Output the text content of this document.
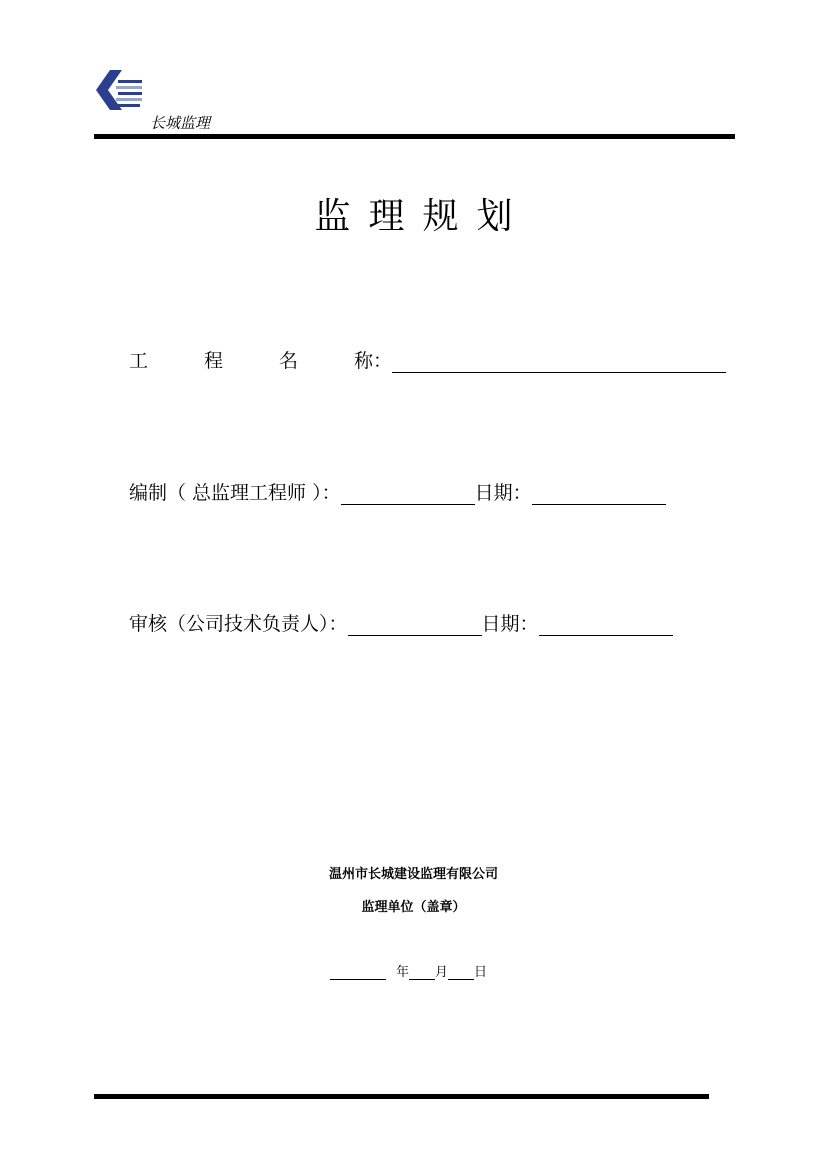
长城监理
监理规划
工	程	名	称 ：
编制（ 总监理工程师 ）：	日期：
审核（公司技术负责人）：	日期：
温州市长城建设监理有限公司
监理单位（盖章）
年 月 日
